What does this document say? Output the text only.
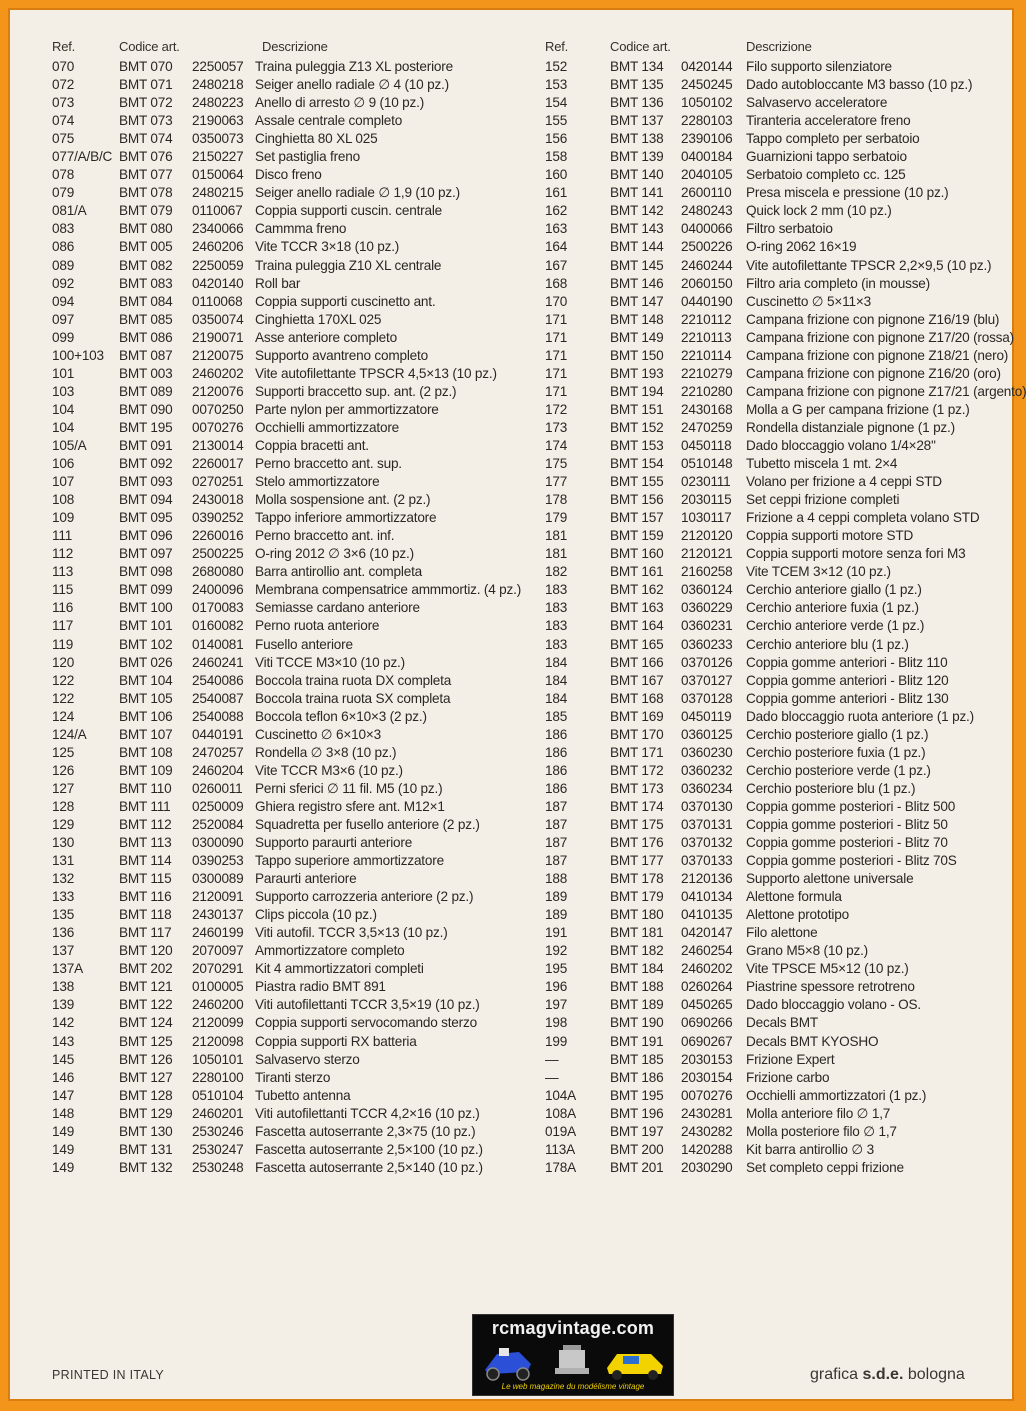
Ref.	Codice art.	Descrizione
070	BMT 070 2250057 Traina puleggia Z13 XL posteriore
072	BMT 071 2480218 Seiger anello radiale ∅ 4 (10 pz.)
073	BMT 072 2480223 Anello di arresto ∅ 9 (10 pz.)
074	BMT 073 2190063 Assale centrale completo
075	BMT 074 0350073 Cinghietta 80 XL 025
077/A/B/C BMT 076 2150227 Set pastiglia freno
078	BMT 077 0150064 Disco freno
079	BMT 078 2480215 Seiger anello radiale ∅ 1,9 (10 pz.)
081/A BMT 079 0110067 Coppia supporti cuscin. centrale
083	BMT 080 2340066 Cammma freno
086	BMT 005 2460206 Vite TCCR 3×18 (10 pz.)
089	BMT 082 2250059 Traina puleggia Z10 XL centrale
092	BMT 083 0420140 Roll bar
094	BMT 084 0110068 Coppia supporti cuscinetto ant.
097	BMT 085 0350074 Cinghietta 170XL 025
099	BMT 086 2190071 Asse anteriore completo
100+103 BMT 087 2120075 Supporto avantreno completo
101	BMT 003 2460202 Vite autofilettante TPSCR 4,5×13 (10 pz.)
103	BMT 089 2120076 Supporti braccetto sup. ant. (2 pz.)
104	BMT 090 0070250 Parte nylon per ammortizzatore
104	BMT 195 0070276 Occhielli ammortizzatore
105/A BMT 091 2130014 Coppia bracetti ant.
106	BMT 092 2260017 Perno braccetto ant. sup.
107	BMT 093 0270251 Stelo ammortizzatore
108	BMT 094 2430018 Molla sospensione ant. (2 pz.)
109	BMT 095 0390252 Tappo inferiore ammortizzatore
111	BMT 096 2260016 Perno braccetto ant. inf.
112	BMT 097 2500225 O-ring 2012 ∅ 3×6 (10 pz.)
113	BMT 098 2680080 Barra antirollio ant. completa
115	BMT 099 2400096 Membrana compensatrice ammmortiz. (4 pz.)
116	BMT 100 0170083 Semiasse cardano anteriore
117	BMT 101 0160082 Perno ruota anteriore
119	BMT 102 0140081 Fusello anteriore
120	BMT 026 2460241 Viti TCCE M3×10 (10 pz.)
122	BMT 104 2540086 Boccola traina ruota DX completa
122	BMT 105 2540087 Boccola traina ruota SX completa
124	BMT 106 2540088 Boccola teflon 6×10×3 (2 pz.)
124/A BMT 107 0440191 Cuscinetto ∅ 6×10×3
125	BMT 108 2470257 Rondella ∅ 3×8 (10 pz.)
126	BMT 109 2460204 Vite TCCR M3×6 (10 pz.)
127	BMT 110 0260011 Perni sferici ∅ 11 fil. M5 (10 pz.)
128	BMT 111 0250009 Ghiera registro sfere ant. M12×1
129	BMT 112 2520084 Squadretta per fusello anteriore (2 pz.)
130	BMT 113 0300090 Supporto paraurti anteriore
131	BMT 114 0390253 Tappo superiore ammortizzatore
132	BMT 115 0300089 Paraurti anteriore
133	BMT 116 2120091 Supporto carrozzeria anteriore (2 pz.)
135	BMT 118 2430137 Clips piccola (10 pz.)
136	BMT 117 2460199 Viti autofil. TCCR 3,5×13 (10 pz.)
137	BMT 120 2070097 Ammortizzatore completo
137A	BMT 202 2070291 Kit 4 ammortizzatori completi
138	BMT 121 0100005 Piastra radio BMT 891
139	BMT 122 2460200 Viti autofilettanti TCCR 3,5×19 (10 pz.)
142	BMT 124 2120099 Coppia supporti servocomando sterzo
143	BMT 125 2120098 Coppia supporti RX batteria
145	BMT 126 1050101 Salvaservo sterzo
146	BMT 127 2280100 Tiranti sterzo
147	BMT 128 0510104 Tubetto antenna
148	BMT 129 2460201 Viti autofilettanti TCCR 4,2×16 (10 pz.)
149	BMT 130 2530246 Fascetta autoserrante 2,3×75 (10 pz.)
149	BMT 131 2530247 Fascetta autoserrante 2,5×100 (10 pz.)
149	BMT 132 2530248 Fascetta autoserrante 2,5×140 (10 pz.)
Ref.	Codice art.	Descrizione
152	BMT 134 0420144 Filo supporto silenziatore
153	BMT 135 2450245 Dado autobloccante M3 basso (10 pz.)
154	BMT 136 1050102 Salvaservo acceleratore
155	BMT 137 2280103 Tiranteria acceleratore freno
156	BMT 138 2390106 Tappo completo per serbatoio
158	BMT 139 0400184 Guarnizioni tappo serbatoio
160	BMT 140 2040105 Serbatoio completo cc. 125
161	BMT 141 2600110 Presa miscela e pressione (10 pz.)
162	BMT 142 2480243 Quick lock 2 mm (10 pz.)
163	BMT 143 0400066 Filtro serbatoio
164	BMT 144 2500226 O-ring 2062 16×19
167	BMT 145 2460244 Vite autofilettante TPSCR 2,2×9,5 (10 pz.)
168	BMT 146 2060150 Filtro aria completo (in mousse)
170	BMT 147 0440190 Cuscinetto ∅ 5×11×3
171	BMT 148 2210112 Campana frizione con pignone Z16/19 (blu)
171	BMT 149 2210113 Campana frizione con pignone Z17/20 (rossa)
171	BMT 150 2210114 Campana frizione con pignone Z18/21 (nero)
171	BMT 193 2210279 Campana frizione con pignone Z16/20 (oro)
171	BMT 194 2210280 Campana frizione con pignone Z17/21 (argento)
172	BMT 151 2430168 Molla a G per campana frizione (1 pz.)
173	BMT 152 2470259 Rondella distanziale pignone (1 pz.)
174	BMT 153 0450118 Dado bloccaggio volano 1/4×28''
175	BMT 154 0510148 Tubetto miscela 1 mt. 2×4
177	BMT 155 0230111 Volano per frizione a 4 ceppi STD
178	BMT 156 2030115 Set ceppi frizione completi
179	BMT 157 1030117 Frizione a 4 ceppi completa volano STD
181	BMT 159 2120120 Coppia supporti motore STD
181	BMT 160 2120121 Coppia supporti motore senza fori M3
182	BMT 161 2160258 Vite TCEM 3×12 (10 pz.)
183	BMT 162 0360124 Cerchio anteriore giallo (1 pz.)
183	BMT 163 0360229 Cerchio anteriore fuxia (1 pz.)
183	BMT 164 0360231 Cerchio anteriore verde (1 pz.)
183	BMT 165 0360233 Cerchio anteriore blu (1 pz.)
184	BMT 166 0370126 Coppia gomme anteriori - Blitz 110
184	BMT 167 0370127 Coppia gomme anteriori - Blitz 120
184	BMT 168 0370128 Coppia gomme anteriori - Blitz 130
185	BMT 169 0450119 Dado bloccaggio ruota anteriore (1 pz.)
186	BMT 170 0360125 Cerchio posteriore giallo (1 pz.)
186	BMT 171 0360230 Cerchio posteriore fuxia (1 pz.)
186	BMT 172 0360232 Cerchio posteriore verde (1 pz.)
186	BMT 173 0360234 Cerchio posteriore blu (1 pz.)
187	BMT 174 0370130 Coppia gomme posteriori - Blitz 500
187	BMT 175 0370131 Coppia gomme posteriori - Blitz 50
187	BMT 176 0370132 Coppia gomme posteriori - Blitz 70
187	BMT 177 0370133 Coppia gomme posteriori - Blitz 70S
188	BMT 178 2120136 Supporto alettone universale
189	BMT 179 0410134 Alettone formula
189	BMT 180 0410135 Alettone prototipo
191	BMT 181 0420147 Filo alettone
192	BMT 182 2460254 Grano M5×8 (10 pz.)
195	BMT 184 2460202 Vite TPSCE M5×12 (10 pz.)
196	BMT 188 0260264 Piastrine spessore retrotreno
197	BMT 189 0450265 Dado bloccaggio volano - OS.
198	BMT 190 0690266 Decals BMT
199	BMT 191 0690267 Decals BMT KYOSHO
—	BMT 185 2030153 Frizione Expert
—	BMT 186 2030154 Frizione carbo
104A	BMT 195 0070276 Occhielli ammortizzatori (1 pz.)
108A	BMT 196 2430281 Molla anteriore filo ∅ 1,7
019A	BMT 197 2430282 Molla posteriore filo ∅ 1,7
113A	BMT 200 1420288 Kit barra antirollio ∅ 3
178A	BMT 201 2030290 Set completo ceppi frizione
PRINTED IN ITALY
rcmagvintage.com
Le web magazine du modélisme vintage
grafica s.d.e. bologna
